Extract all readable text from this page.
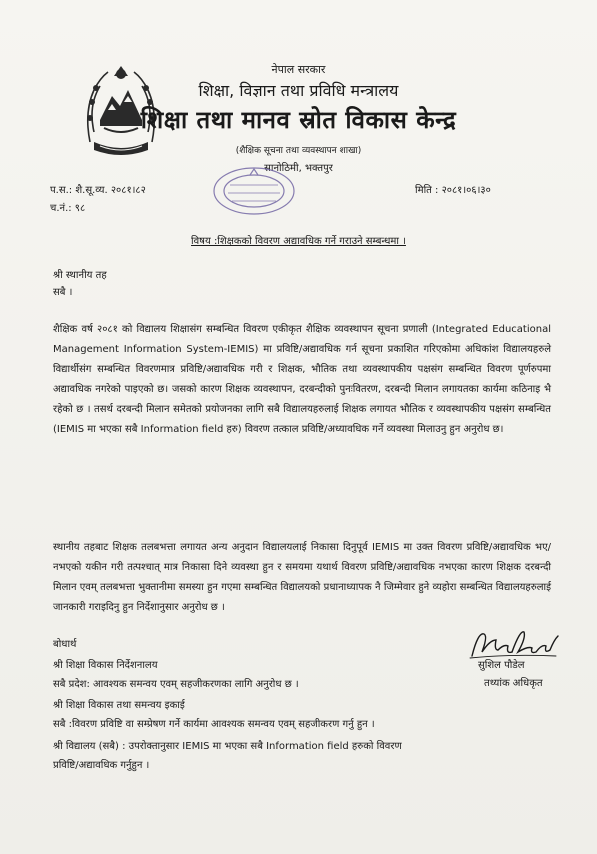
नेपाल सरकार
शिक्षा, विज्ञान तथा प्रविधि मन्त्रालय
शिक्षा तथा मानव स्रोत विकास केन्द्र
(शैक्षिक सूचना तथा व्यवस्थापन शाखा)
सानोठिमी, भक्तपुर
प.स.: शै.सू.व्य. २०८१।८२
च.नं.: ९८
मिति : २०८१।०६।३०
विषय :शिक्षकको विवरण अद्यावधिक गर्ने गराउने सम्बन्धमा ।
श्री स्थानीय तह
सबै ।
शैक्षिक वर्ष २०८१ को विद्यालय शिक्षासंग सम्बन्धित विवरण एकीकृत शैक्षिक व्यवस्थापन सूचना प्रणाली (Integrated Educational Management Information System-IEMIS) मा प्रविष्टि/अद्यावधिक गर्न सूचना प्रकाशित गरिएकोमा अधिकांश विद्यालयहरुले विद्यार्थीसंग सम्बन्धित विवरणमात्र प्रविष्टि/अद्यावधिक गरी र शिक्षक, भौतिक तथा व्यवस्थापकीय पक्षसंग सम्बन्धित विवरण पूर्णरुपमा अद्यावधिक नगरेको पाइएको छ। जसको कारण शिक्षक व्यवस्थापन, दरबन्दीको पुनःवितरण, दरबन्दी मिलान लगायतका कार्यमा कठिनाइ भै रहेको छ । तसर्थ दरबन्दी मिलान समेतको प्रयोजनका लागि सबै विद्यालयहरुलाई शिक्षक लगायत भौतिक र व्यवस्थापकीय पक्षसंग सम्बन्धित (IEMIS मा भएका सबै Information field हरु) विवरण तत्काल प्रविष्टि/अध्यावधिक गर्ने व्यवस्था मिलाउनु हुन अनुरोध छ।
स्थानीय तहबाट शिक्षक तलबभत्ता लगायत अन्य अनुदान विद्यालयलाई निकासा दिनुपूर्व IEMIS मा उक्त विवरण प्रविष्टि/अद्यावधिक भए/नभएको यकीन गरी तत्पश्चात् मात्र निकासा दिने व्यवस्था हुन र समयमा यथार्थ विवरण प्रविष्टि/अद्यावधिक नभएका कारण शिक्षक दरबन्दी मिलान एवम् तलबभत्ता भुक्तानीमा समस्या हुन गएमा सम्बन्धित विद्यालयको प्रधानाध्यापक नै जिम्मेवार हुने व्यहोरा सम्बन्धित विद्यालयहरुलाई जानकारी गराइदिनु हुन निर्देशानुसार अनुरोध छ ।
सुशिल पौडेल
तथ्यांक अधिकृत
बोधार्थ
श्री शिक्षा विकास निर्देशनालय
सबै प्रदेश: आवश्यक समन्वय एवम् सहजीकरणका लागि अनुरोध छ ।
श्री शिक्षा विकास तथा समन्वय इकाई
सबै :विवरण प्रविष्टि वा सम्प्रेषण गर्ने कार्यमा आवश्यक समन्वय एवम् सहजीकरण गर्नु हुन ।
श्री विद्यालय (सबै) : उपरोक्तानुसार IEMIS मा भएका सबै Information field हरुको विवरण
प्रविष्टि/अद्यावधिक गर्नुहुन ।
